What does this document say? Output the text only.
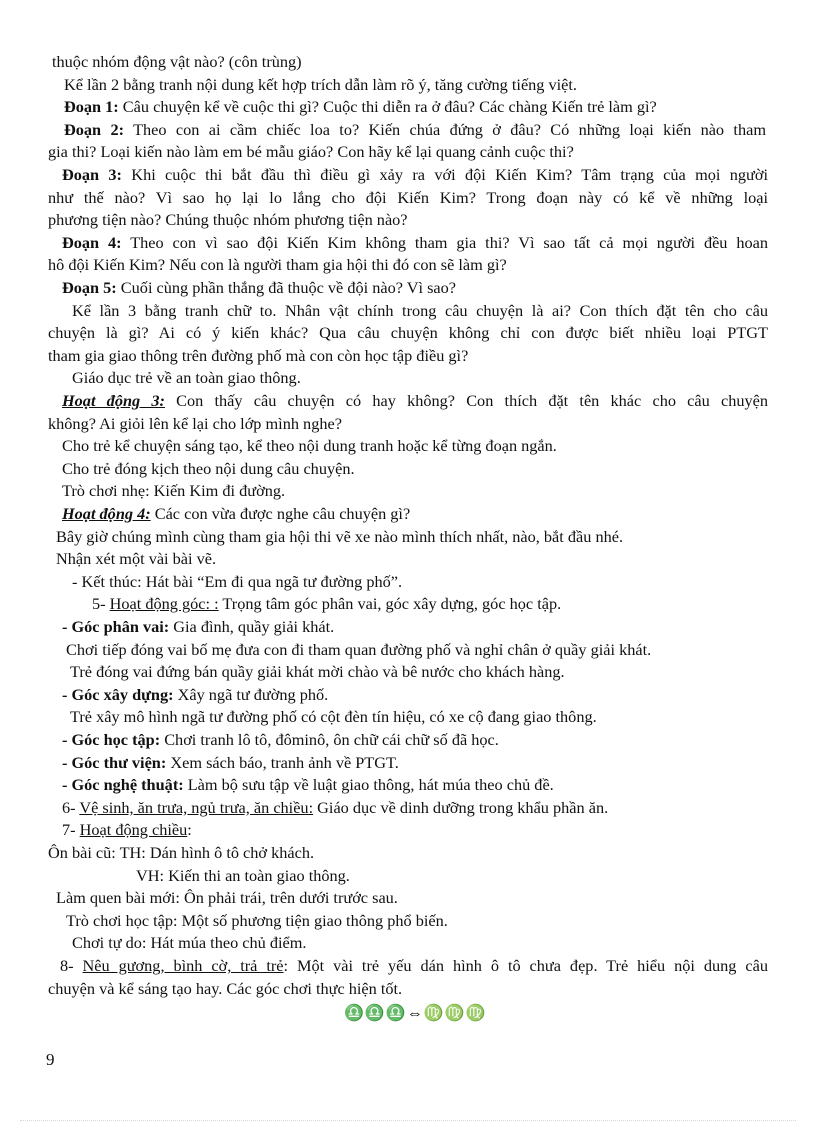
thuộc nhóm động vật nào? (côn trùng)
Kể lần 2 bằng tranh nội dung kết hợp trích dẫn làm rõ ý, tăng cường tiếng việt.
Đoạn 1: Câu chuyện kể về cuộc thi gì? Cuộc thi diễn ra ở đâu? Các chàng Kiến trẻ làm gì?
Đoạn 2: Theo con ai cầm chiếc loa to? Kiến chúa đứng ở đâu? Có những loại kiến nào tham
gia thi? Loại kiến nào làm em bé mẫu giáo? Con hãy kể lại quang cảnh cuộc thi?
Đoạn 3: Khi cuộc thi bắt đầu thì điều gì xảy ra với đội Kiến Kim? Tâm trạng của mọi người
như thế nào? Vì sao họ lại lo lắng cho đội Kiến Kim? Trong đoạn này có kể về những loại
phương tiện nào? Chúng thuộc nhóm phương tiện nào?
Đoạn 4: Theo con vì sao đội Kiến Kim không tham gia thi? Vì sao tất cả mọi người đều hoan
hô đội Kiến Kim? Nếu con là người tham gia hội thi đó con sẽ làm gì?
Đoạn 5: Cuối cùng phần thắng đã thuộc về đội nào? Vì sao?
Kể lần 3 bằng tranh chữ to. Nhân vật chính trong câu chuyện là ai? Con thích đặt tên cho câu
chuyện là gì? Ai có ý kiến khác? Qua câu chuyện không chỉ con được biết nhiều loại PTGT
tham gia giao thông trên đường phố mà con còn học tập điều gì?
Giáo dục trẻ về an toàn giao thông.
Hoạt động 3: Con thấy câu chuyện có hay không? Con thích đặt tên khác cho câu chuyện
không? Ai giỏi lên kể lại cho lớp mình nghe?
Cho trẻ kể chuyện sáng tạo, kể theo nội dung tranh hoặc kể từng đoạn ngắn.
Cho trẻ đóng kịch theo nội dung câu chuyện.
Trò chơi nhẹ: Kiến Kim đi đường.
Hoạt động 4: Các con vừa được nghe câu chuyện gì?
Bây giờ chúng mình cùng tham gia hội thi vẽ xe nào mình thích nhất, nào, bắt đầu nhé.
Nhận xét một vài bài vẽ.
- Kết thúc: Hát bài “Em đi qua ngã tư đường phố”.
5- Hoạt động góc: : Trọng tâm góc phân vai, góc xây dựng, góc học tập.
- Góc phân vai: Gia đình, quầy giải khát.
Chơi tiếp đóng vai bố mẹ đưa con đi tham quan đường phố và nghỉ chân ở quầy giải khát.
Trẻ đóng vai đứng bán quầy giải khát mời chào và bê nước cho khách hàng.
- Góc xây dựng: Xây ngã tư đường phố.
Trẻ xây mô hình ngã tư đường phố có cột đèn tín hiệu, có xe cộ đang giao thông.
- Góc học tập: Chơi tranh lô tô, đôminô, ôn chữ cái chữ số đã học.
- Góc thư viện: Xem sách báo, tranh ảnh về PTGT.
- Góc nghệ thuật: Làm bộ sưu tập về luật giao thông, hát múa theo chủ đề.
6- Vệ sinh, ăn trưa, ngủ trưa, ăn chiều: Giáo dục về dinh dưỡng trong khẩu phần ăn.
7- Hoạt động chiều:
Ôn bài cũ: TH: Dán hình ô tô chở khách.
VH: Kiến thi an toàn giao thông.
Làm quen bài mới: Ôn phải trái, trên dưới trước sau.
Trò chơi học tập: Một số phương tiện giao thông phổ biến.
Chơi tự do: Hát múa theo chủ điểm.
8- Nêu gương, bình cờ, trả trẻ: Một vài trẻ yếu dán hình ô tô chưa đẹp. Trẻ hiểu nội dung câu
chuyện và kể sáng tạo hay. Các góc chơi thực hiện tốt.
♎♎♎⇔♍♍♍
9
